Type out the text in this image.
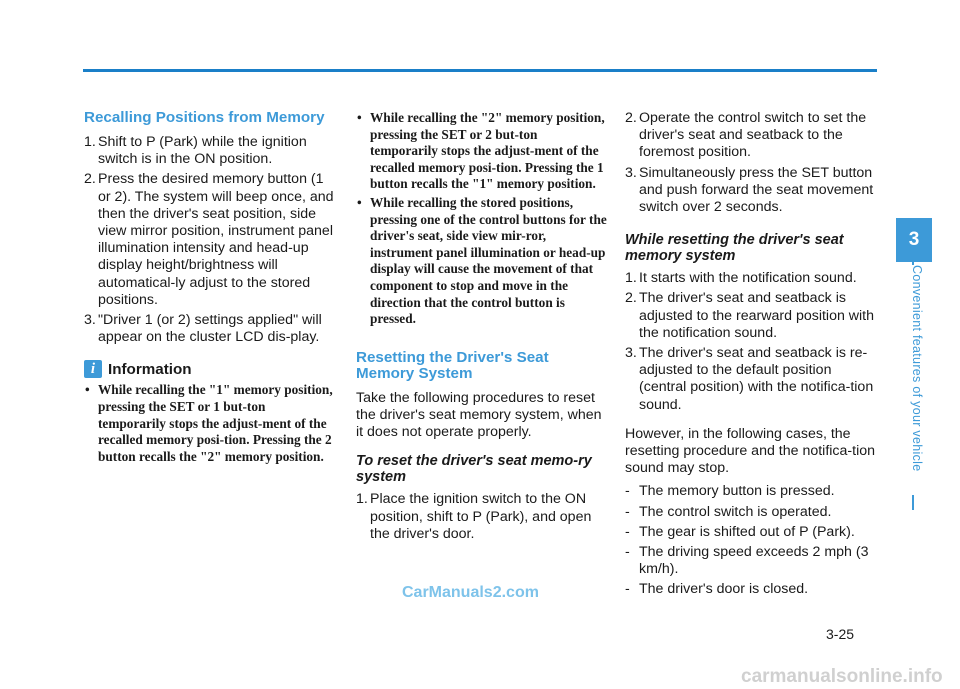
Recalling Positions from Memory
1. Shift to P (Park) while the ignition switch is in the ON position.
2. Press the desired memory button (1 or 2). The system will beep once, and then the driver's seat position, side view mirror position, instrument panel illumination intensity and head-up display height/brightness will automatical-ly adjust to the stored positions.
3. "Driver 1 (or 2) settings applied" will appear on the cluster LCD dis-play.
i Information
• While recalling the "1" memory position, pressing the SET or 1 but-ton temporarily stops the adjust-ment of the recalled memory posi-tion. Pressing the 2 button recalls the "2" memory position.
• While recalling the "2" memory position, pressing the SET or 2 but-ton temporarily stops the adjust-ment of the recalled memory posi-tion. Pressing the 1 button recalls the "1" memory position.
• While recalling the stored positions, pressing one of the control buttons for the driver's seat, side view mir-ror, instrument panel illumination or head-up display will cause the movement of that component to stop and move in the direction that the control button is pressed.
Resetting the Driver's Seat Memory System

Take the following procedures to reset the driver's seat memory system, when it does not operate properly.

To reset the driver's seat memo-ry system
1. Place the ignition switch to the ON position, shift to P (Park), and open the driver's door.
2. Operate the control switch to set the driver's seat and seatback to the foremost position.
3. Simultaneously press the SET button and push forward the seat movement switch over 2 seconds.
While resetting the driver's seat memory system
1. It starts with the notification sound.
2. The driver's seat and seatback is adjusted to the rearward position with the notification sound.
3. The driver's seat and seatback is re-adjusted to the default position (central position) with the notifica-tion sound.

However, in the following cases, the resetting procedure and the notifica-tion sound may stop.

- The memory button is pressed.
- The control switch is operated.
- The gear is shifted out of P (Park).
- The driving speed exceeds 2 mph (3 km/h).
- The driver's door is closed.
3
Convenient features of your vehicle
3-25
CarManuals2.com
carmanualsonline.info
